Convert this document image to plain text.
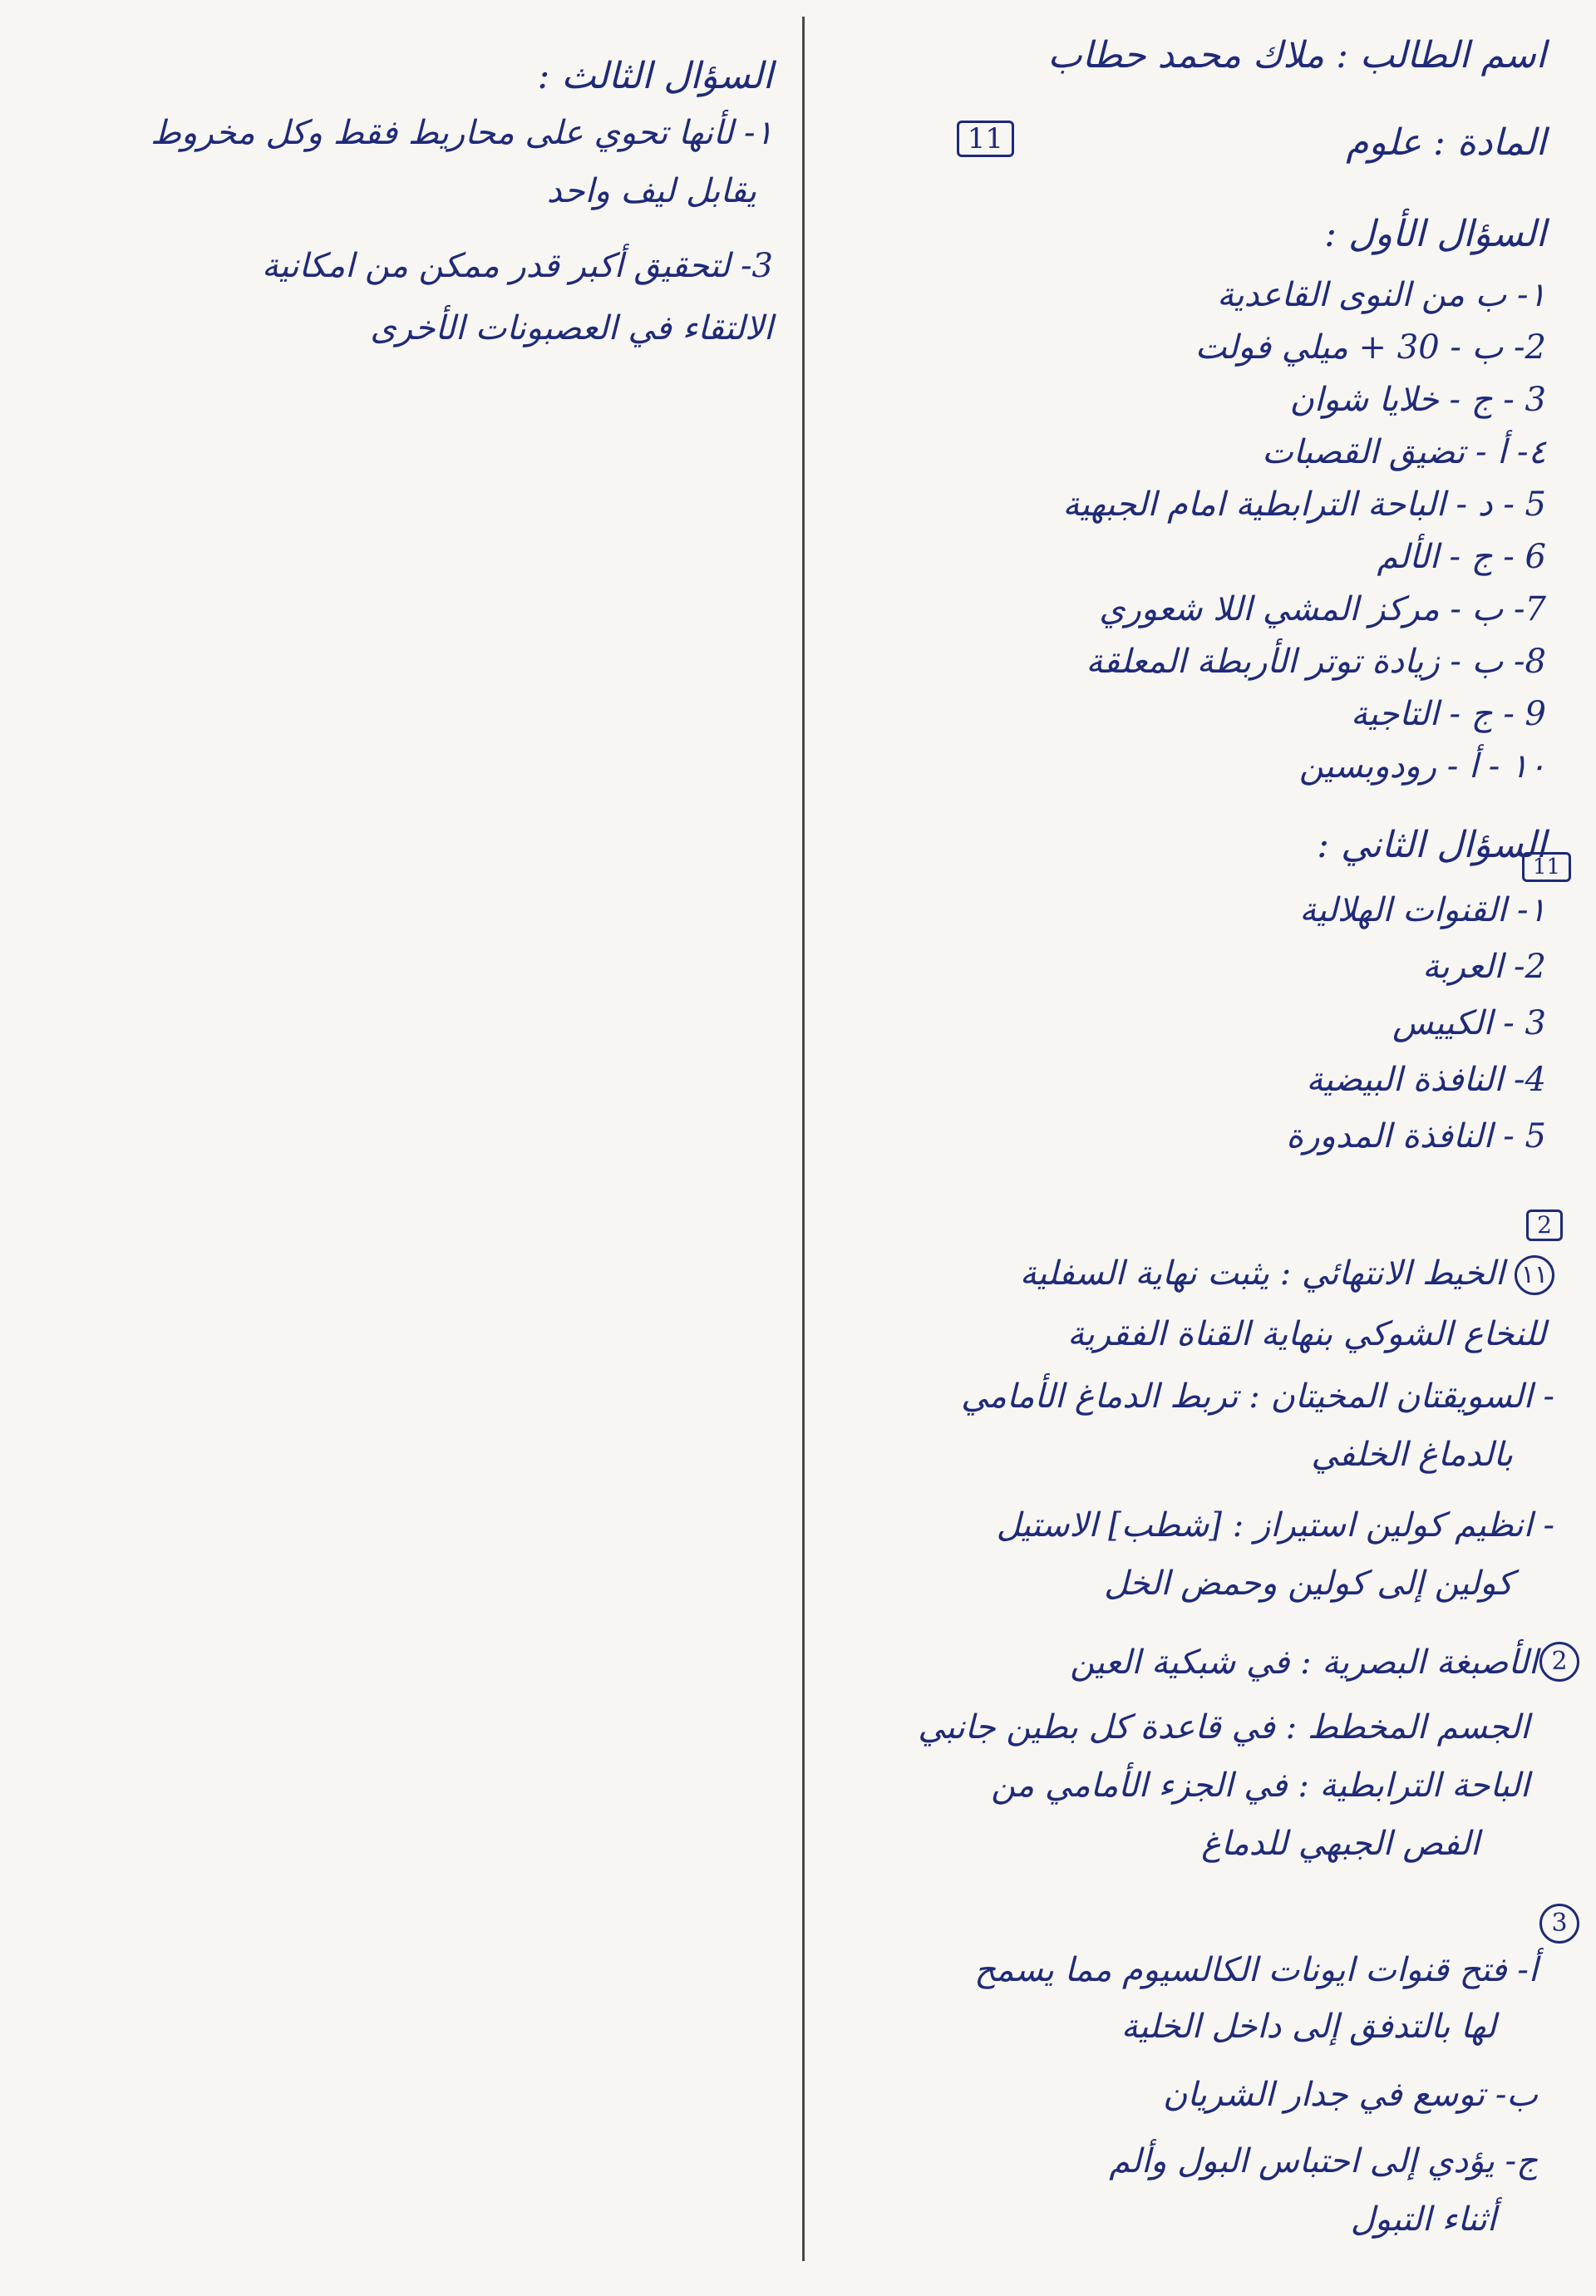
اسم الطالب : ملاك محمد حطاب
11	المادة : علوم
السؤال الأول :
١- ب من النوى القاعدية
2- ب - 30 + ميلي فولت
3 - ج - خلايا شوان
٤- أ - تضيق القصبات
5 - د - الباحة الترابطية امام الجبهية
6 - ج - الألم
7- ب - مركز المشي اللا شعوري
8- ب - زيادة توتر الأربطة المعلقة
9 - ج - التاجية
١٠ - أ - رودوبسين
السؤال الثاني :
11
١- القنوات الهلالية
2- العربة
3 - الكييس
4- النافذة البيضية
5 - النافذة المدورة
2
١١
الخيط الانتهائي : يثبت نهاية السفلية
للنخاع الشوكي بنهاية القناة الفقرية
- السويقتان المخيتان : تربط الدماغ الأمامي
بالدماغ الخلفي
- انظيم كولين استيراز : [شطب] الاستيل
كولين إلى كولين وحمض الخل
2
الأصبغة البصرية : في شبكية العين
الجسم المخطط : في قاعدة كل بطين جانبي
الباحة الترابطية : في الجزء الأمامي من
الفص الجبهي للدماغ
3
أ- فتح قنوات ايونات الكالسيوم مما يسمح
لها بالتدفق إلى داخل الخلية
ب- توسع في جدار الشريان
ج- يؤدي إلى احتباس البول وألم
أثناء التبول
السؤال الثالث :
١- لأنها تحوي على محاريط فقط وكل مخروط
يقابل ليف واحد
3- لتحقيق أكبر قدر ممكن من امكانية
الالتقاء في العصبونات الأخرى
